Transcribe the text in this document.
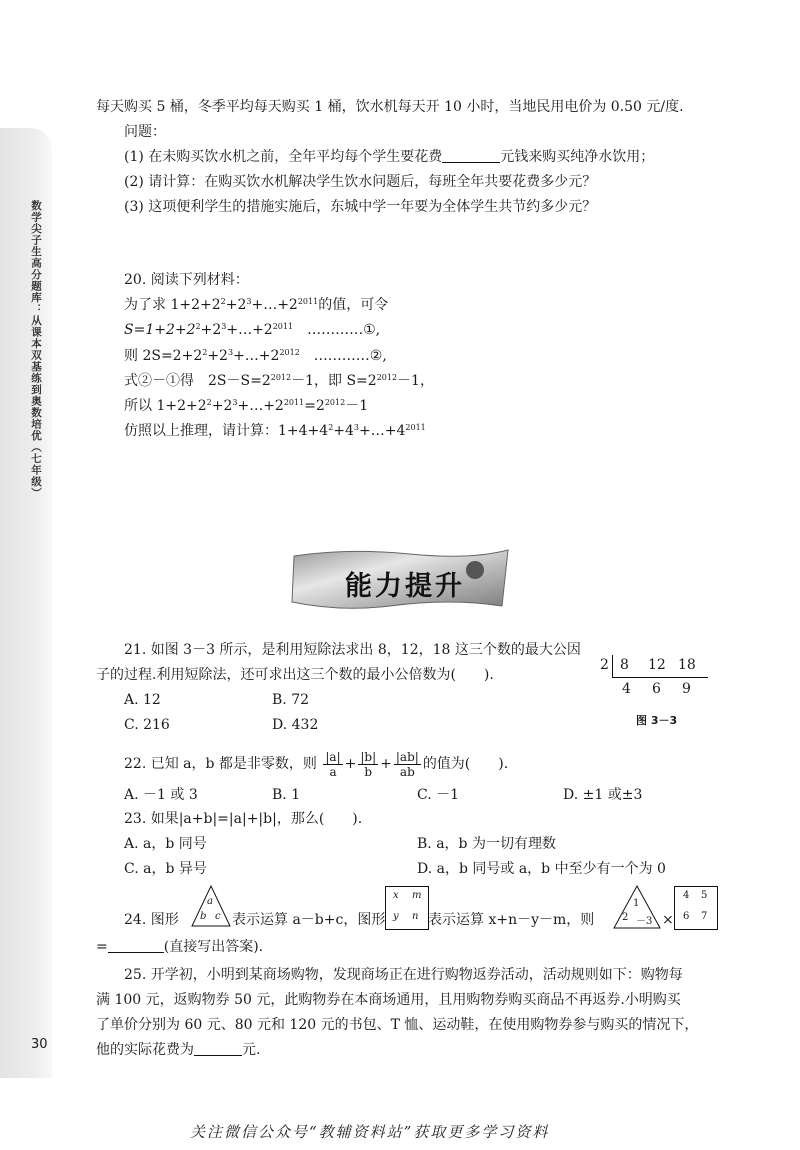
数学尖子生高分题库：从课本双基练到奥数培优（七年级）
30
每天购买 5 桶，冬季平均每天购买 1 桶，饮水机每天开 10 小时，当地民用电价为 0.50 元/度.
问题：
(1) 在未购买饮水机之前，全年平均每个学生要花费	元钱来购买纯净水饮用；
(2) 请计算：在购买饮水机解决学生饮水问题后，每班全年共要花费多少元？
(3) 这项便利学生的措施实施后，东城中学一年要为全体学生共节约多少元？
20. 阅读下列材料：
为了求 $1+2+2^2+2^3+\dots+2^{2011}$的值，可令
$S=1+2+2^2+2^3+\dots+2^{2011}$ …………①,
则 $2S=2+2^2+2^3+\dots+2^{2012}$ …………②,
式②－①得　$2S-S=2^{2012}-1$，即 $S=2^{2012}-1$，
所以 $1+2+2^2+2^3+\dots+2^{2011}=2^{2012}-1$
仿照以上推理，请计算：$1+4+4^2+4^3+\dots+4^{2011}$
能力提升
21. 如图 3－3 所示，是利用短除法求出 8，12，18 这三个数的最大公因
子的过程.利用短除法，还可求出这三个数的最小公倍数为(　　).
A. 12	B. 72
C. 216	D. 432
2 8 12 18
4 6 9
图 3－3
22. 已知 a，b 都是非零数，则 $\frac{|a|}{a} + \frac{|b|}{b} + \frac{|ab|}{ab}$ 的值为(　　).
A. －1 或 3	B. 1	C. －1	D. ±1 或±3
23. 如果|a+b|=|a|+|b|，那么(　　).
A. a，b 同号	B. a，b 为一切有理数
C. a，b 异号	D. a，b 同号或 a，b 中至少有一个为 0
24. 图形
a
b c 表示运算 a－b+c，图形
x m
y n 表示运算 x+n－y－m，则
1
2 －3 ×
4 5
6 7
=	(直接写出答案).
25. 开学初，小明到某商场购物，发现商场正在进行购物返券活动，活动规则如下：购物每
满 100 元，返购物券 50 元，此购物券在本商场通用，且用购物券购买商品不再返券.小明购买
了单价分别为 60 元、80 元和 120 元的书包、T 恤、运动鞋，在使用购物券参与购买的情况下，
他的实际花费为	元.
关注微信公众号“教辅资料站”获取更多学习资料
